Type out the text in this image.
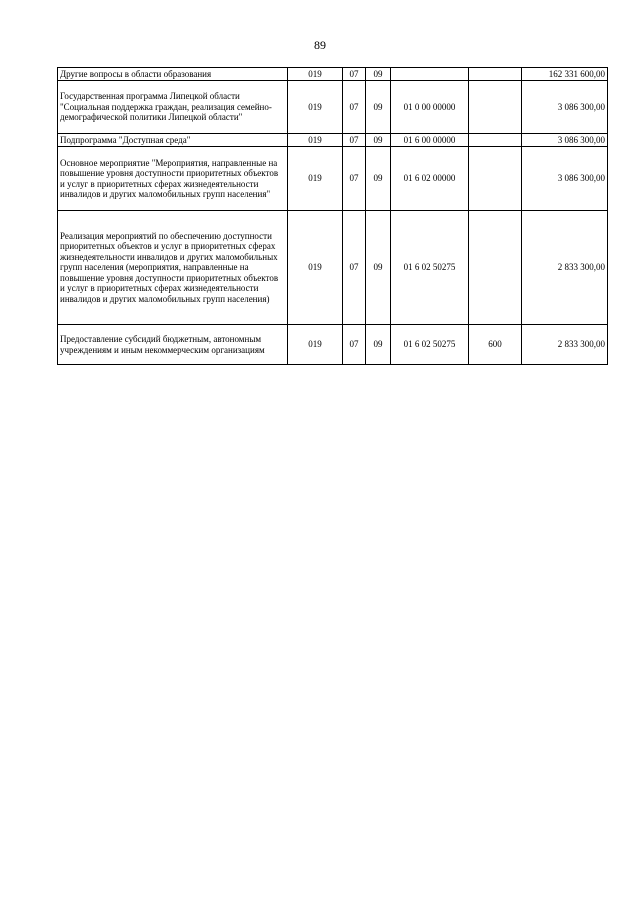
89
Другие вопросы в области образования	019	07	09			162 331 600,00
Государственная программа Липецкой области "Социальная поддержка граждан, реализация семейно-демографической политики Липецкой области"	019	07	09	01 0 00 00000		3 086 300,00
Подпрограмма "Доступная среда"	019	07	09	01 6 00 00000		3 086 300,00
Основное мероприятие "Мероприятия, направленные на повышение уровня доступности приоритетных объектов и услуг в приоритетных сферах жизнедеятельности инвалидов и других маломобильных групп населения"	019	07	09	01 6 02 00000		3 086 300,00
Реализация мероприятий по обеспечению доступности приоритетных объектов и услуг в приоритетных сферах жизнедеятельности инвалидов и других маломобильных групп населения (мероприятия, направленные на повышение уровня доступности приоритетных объектов и услуг в приоритетных сферах жизнедеятельности инвалидов и других маломобильных групп населения)	019	07	09	01 6 02 50275		2 833 300,00
Предоставление субсидий бюджетным, автономным учреждениям и иным некоммерческим организациям	019	07	09	01 6 02 50275	600	2 833 300,00
